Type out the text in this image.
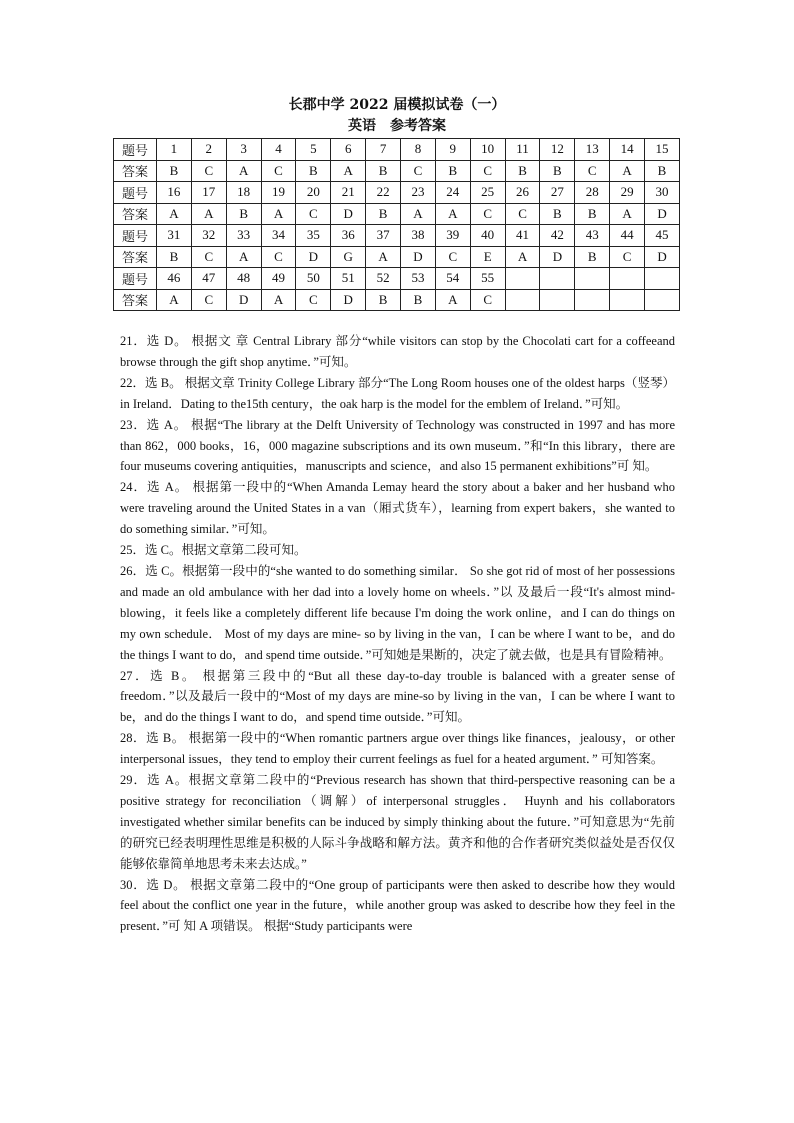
长郡中学 2022 届模拟试卷（一）
英语　参考答案
题号	1	2	3	4	5	6	7	8	9	10	11	12	13	14	15
答案	B	C	A	C	B	A	B	C	B	C	B	B	C	A	B
题号	16	17	18	19	20	21	22	23	24	25	26	27	28	29	30
答案	A	A	B	A	C	D	B	A	A	C	C	B	B	A	D
题号	31	32	33	34	35	36	37	38	39	40	41	42	43	44	45
答案	B	C	A	C	D	G	A	D	C	E	A	D	B	C	D
题号	46	47	48	49	50	51	52	53	54	55					
答案	A	C	D	A	C	D	B	B	A	C					

21．选 D。 根据文 章 Central Library 部分“while visitors can stop by the Chocolati cart for a coffeeand browse through the gift shop anytime．”可知。

22．选 B。 根据文章 Trinity College Library 部分“The Long Room houses one of the oldest harps（竖琴）in Ireland．Dating to the15th century，the oak harp is the model for the emblem of Ireland．”可知。

23．选 A。 根据“The library at the Delft University of Technology was constructed in 1997 and has more than 862，000 books，16，000 magazine subscriptions and its own museum．”和“In this library，there are four museums covering antiquities，manuscripts and science，and also 15 permanent exhibitions”可 知。

24．选 A。 根据第一段中的“When Amanda Lemay heard the story about a baker and her husband who were traveling around the United States in a van（厢式货车），learning from expert bakers，she wanted to do something similar．”可知。

25．选 C。根据文章第二段可知。

26．选 C。根据第一段中的“she wanted to do something similar． So she got rid of most of her possessions and made an old ambulance with her dad into a lovely home on wheels．”以 及最后一段“It's almost mind-blowing，it feels like a completely different life because I'm doing the work online，and I can do things on my own schedule． Most of my days are mine- so by living in the van，I can be where I want to be，and do the things I want to do，and spend time outside．”可知她是果断的，决定了就去做，也是具有冒险精神。

27．选 B。 根据第三段中的“But all these day-to-day trouble is balanced with a greater sense of freedom．”以及最后一段中的“Most of my days are mine-so by living in the van，I can be where I want to be，and do the things I want to do，and spend time outside．”可知。

28．选 B。 根据第一段中的“When romantic partners argue over things like finances，jealousy，or other interpersonal issues，they tend to employ their current feelings as fuel for a heated argument．” 可知答案。

29．选 A。根据文章第二段中的“Previous research has shown that third-perspective reasoning can be a positive strategy for reconciliation（调解）of interpersonal struggles． Huynh and his collaborators investigated whether similar benefits can be induced by simply thinking about the future．”可知意思为“先前的研究已经表明理性思维是积极的人际斗争战略和解方法。黄齐和他的合作者研究类似益处是否仅仅能够依靠简单地思考未来去达成。”

30．选 D。 根据文章第二段中的“One group of participants were then asked to describe how they would feel about the conflict one year in the future，while another group was asked to describe how they feel in the present．”可 知 A 项错误。 根据“Study participants were
